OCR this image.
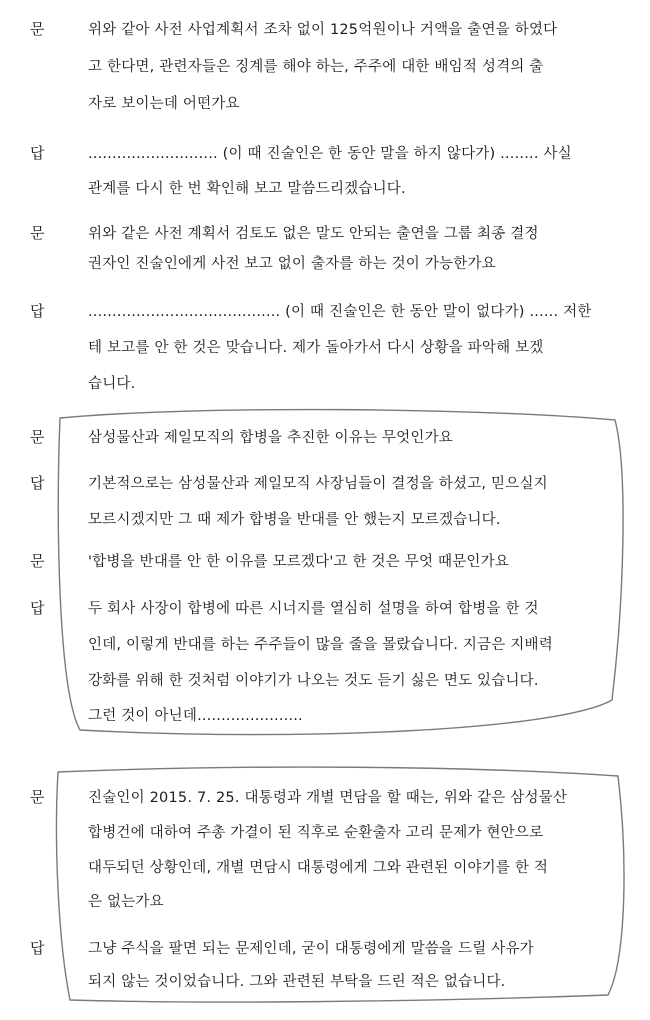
문	위와 같아 사전 사업계획서 조차 없이 125억원이나 거액을 출연을 하였다
고 한다면, 관련자들은 징계를 해야 하는, 주주에 대한 배임적 성격의 출
자로 보이는데 어떤가요
답	........................... (이 때 진술인은 한 동안 말을 하지 않다가) ........ 사실
관계를 다시 한 번 확인해 보고 말씀드리겠습니다.
문	위와 같은 사전 계획서 검토도 없은 말도 안되는 출연을 그룹 최종 결정
권자인 진술인에게 사전 보고 없이 출자를 하는 것이 가능한가요
답	........................................ (이 때 진술인은 한 동안 말이 없다가) ...... 저한
테 보고를 안 한 것은 맞습니다. 제가 돌아가서 다시 상황을 파악해 보겠
습니다.
문	삼성물산과 제일모직의 합병을 추진한 이유는 무엇인가요
답	기본적으로는 삼성물산과 제일모직 사장님들이 결정을 하셨고, 믿으실지
모르시겠지만 그 때 제가 합병을 반대를 안 했는지 모르겠습니다.
문	'합병을 반대를 안 한 이유를 모르겠다'고 한 것은 무엇 때문인가요
답	두 회사 사장이 합병에 따른 시너지를 열심히 설명을 하여 합병을 한 것
인데, 이렇게 반대를 하는 주주들이 많을 줄을 몰랐습니다. 지금은 지배력
강화를 위해 한 것처럼 이야기가 나오는 것도 듣기 싫은 면도 있습니다.
그런 것이 아닌데......................
문	진술인이 2015. 7. 25. 대통령과 개별 면담을 할 때는, 위와 같은 삼성물산
합병건에 대하여 주총 가결이 된 직후로 순환출자 고리 문제가 현안으로
대두되던 상황인데, 개별 면담시 대통령에게 그와 관련된 이야기를 한 적
은 없는가요
답	그냥 주식을 팔면 되는 문제인데, 굳이 대통령에게 말씀을 드릴 사유가
되지 않는 것이었습니다. 그와 관련된 부탁을 드린 적은 없습니다.
